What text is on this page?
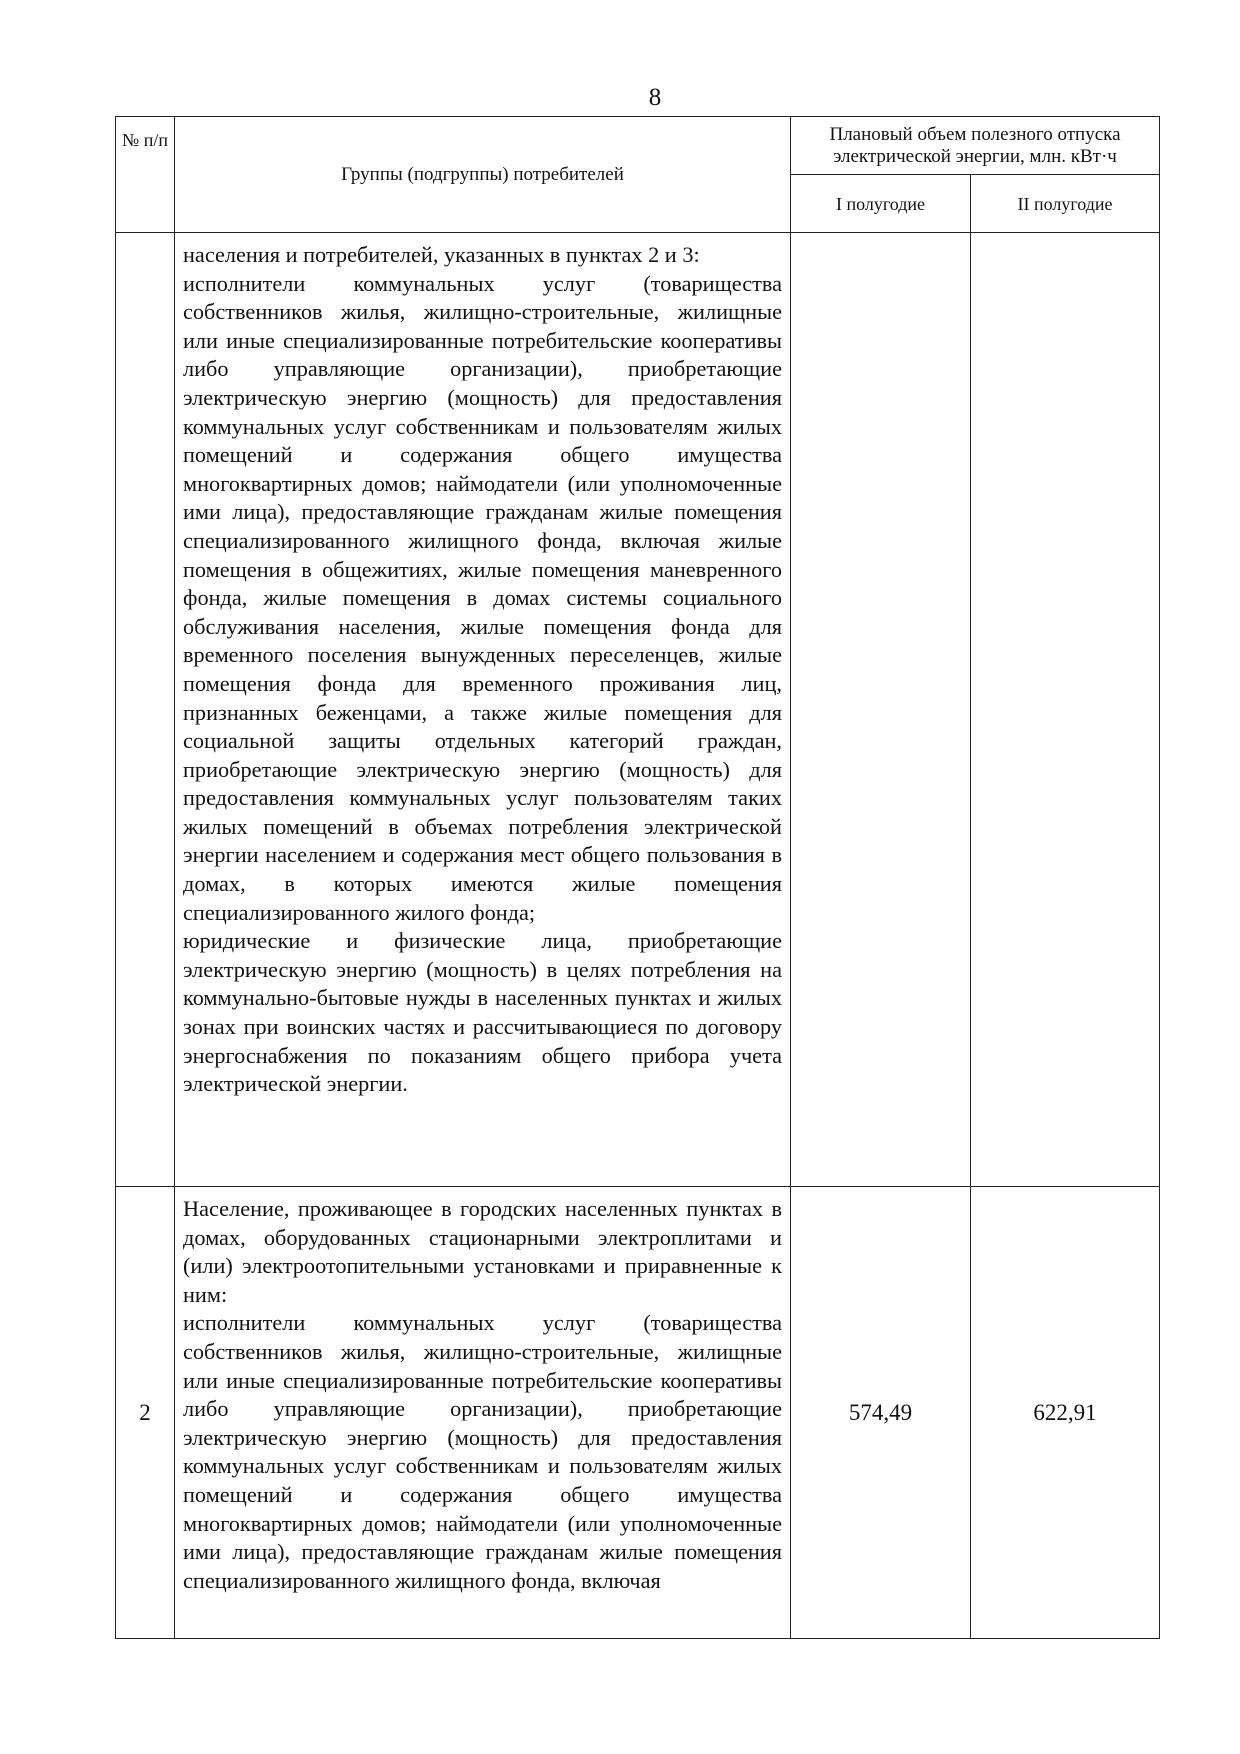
8
№ п/п	Группы (подгруппы) потребителей	Плановый объем полезного отпуска электрической энергии, млн. кВт·ч	
		I полугодие	II полугодие

	населения и потребителей, указанных в пунктах 2 и 3:

исполнители коммунальных услуг (товарищества собственников жилья, жилищно-строительные, жилищные или иные специализированные потребительские кооперативы либо управляющие организации), приобретающие электрическую энергию (мощность) для предоставления коммунальных услуг собственникам и пользователям жилых помещений и содержания общего имущества многоквартирных домов; наймодатели (или уполномоченные ими лица), предоставляющие гражданам жилые помещения специализированного жилищного фонда, включая жилые помещения в общежитиях, жилые помещения маневренного фонда, жилые помещения в домах системы социального обслуживания населения, жилые помещения фонда для временного поселения вынужденных переселенцев, жилые помещения фонда для временного проживания лиц, признанных беженцами, а также жилые помещения для социальной защиты отдельных категорий граждан, приобретающие электрическую энергию (мощность) для предоставления коммунальных услуг пользователям таких жилых помещений в объемах потребления электрической энергии населением и содержания мест общего пользования в домах, в которых имеются жилые помещения специализированного жилого фонда;

юридические и физические лица, приобретающие электрическую энергию (мощность) в целях потребления на коммунально-бытовые нужды в населенных пунктах и жилых зонах при воинских частях и рассчитывающиеся по договору энергоснабжения по показаниям общего прибора учета электрической энергии.		

2	Население, проживающее в городских населенных пунктах в домах, оборудованных стационарными электроплитами и (или) электроотопительными установками и приравненные к ним:

исполнители коммунальных услуг (товарищества собственников жилья, жилищно-строительные, жилищные или иные специализированные потребительские кооперативы либо управляющие организации), приобретающие электрическую энергию (мощность) для предоставления коммунальных услуг собственникам и пользователям жилых помещений и содержания общего имущества многоквартирных домов; наймодатели (или уполномоченные ими лица), предоставляющие гражданам жилые помещения специализированного жилищного фонда, включая	574,49	622,91
